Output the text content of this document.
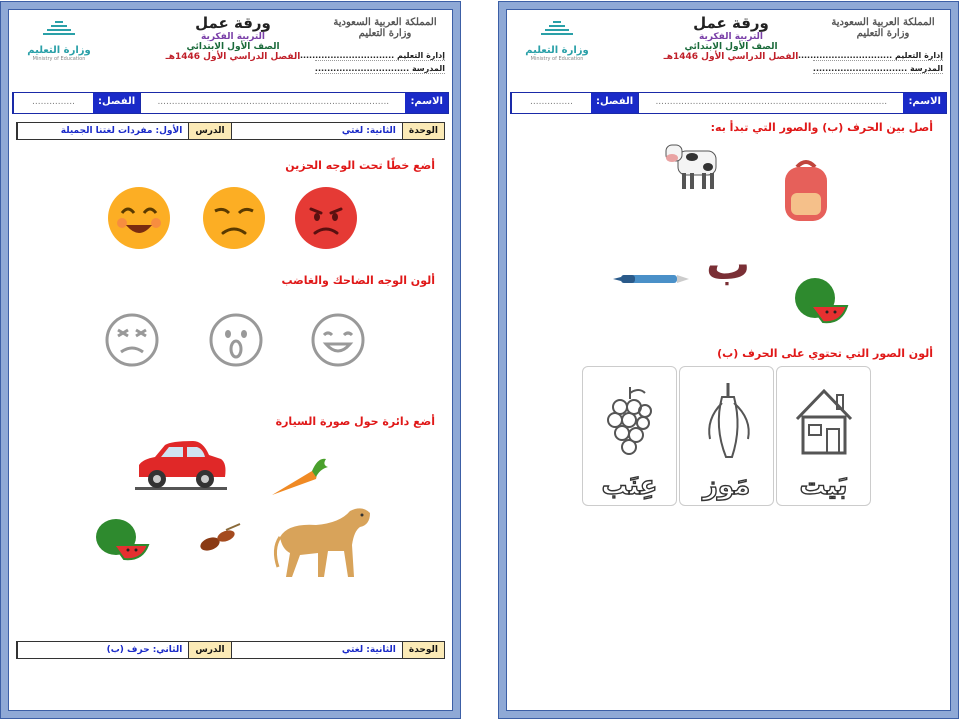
المملكة العربية السعودية
وزارة التعليم
إدارة التعليم ...............................
المدرسة ...............................
ورقة عمل
التربية الفكرية
الصف الأول الابتدائي
الفصل الدراسي الأول 1446هـ
وزارة التعليم
Ministry of Education
الاسم:
.................................................................................
الفصل:
...............
الوحدة
الثانية: لغتي
الدرس
الأول: مفردات لغتنا الجميلة
أضع خطًا تحت الوجه الحزين
ألون الوجه الضاحك والغاضب
أضع دائرة حول صورة السيارة
الوحدة
الثانية: لغتي
الدرس
الثاني: حرف (ب)
المملكة العربية السعودية
وزارة التعليم
إدارة التعليم ...............................
المدرسة ...............................
ورقة عمل
التربية الفكرية
الصف الأول الابتدائي
الفصل الدراسي الأول 1446هـ
وزارة التعليم
Ministry of Education
الاسم:
.................................................................................
الفصل:
...............
أصل بين الحرف (ب) والصور التي تبدأ به:
ب
ألون الصور التي تحتوي على الحرف (ب)
بَيت
مَوز
عِنَب
